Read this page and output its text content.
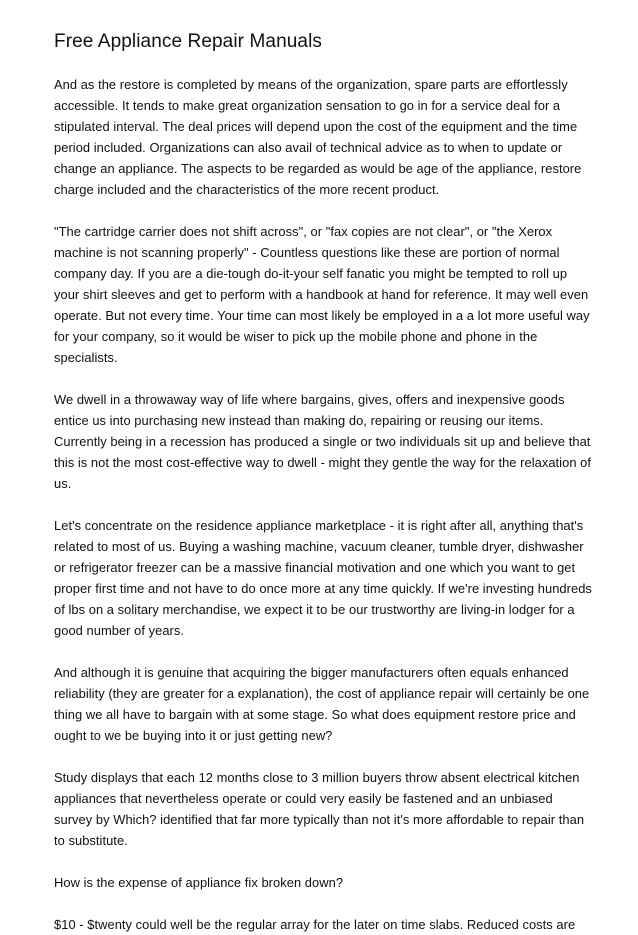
Free Appliance Repair Manuals

And as the restore is completed by means of the organization, spare parts are effortlessly accessible. It tends to make great organization sensation to go in for a service deal for a stipulated interval. The deal prices will depend upon the cost of the equipment and the time period included. Organizations can also avail of technical advice as to when to update or change an appliance. The aspects to be regarded as would be age of the appliance, restore charge included and the characteristics of the more recent product.

"The cartridge carrier does not shift across", or "fax copies are not clear", or "the Xerox machine is not scanning properly" - Countless questions like these are portion of normal company day. If you are a die-tough do-it-your self fanatic you might be tempted to roll up your shirt sleeves and get to perform with a handbook at hand for reference. It may well even operate. But not every time. Your time can most likely be employed in a a lot more useful way for your company, so it would be wiser to pick up the mobile phone and phone in the specialists.

We dwell in a throwaway way of life where bargains, gives, offers and inexpensive goods entice us into purchasing new instead than making do, repairing or reusing our items. Currently being in a recession has produced a single or two individuals sit up and believe that this is not the most cost-effective way to dwell - might they gentle the way for the relaxation of us.

Let's concentrate on the residence appliance marketplace - it is right after all, anything that's related to most of us. Buying a washing machine, vacuum cleaner, tumble dryer, dishwasher or refrigerator freezer can be a massive financial motivation and one which you want to get proper first time and not have to do once more at any time quickly. If we're investing hundreds of lbs on a solitary merchandise, we expect it to be our trustworthy are living-in lodger for a good number of years.

And although it is genuine that acquiring the bigger manufacturers often equals enhanced reliability (they are greater for a explanation), the cost of appliance repair will certainly be one thing we all have to bargain with at some stage. So what does equipment restore price and ought to we be buying into it or just getting new?

Study displays that each 12 months close to 3 million buyers throw absent electrical kitchen appliances that nevertheless operate or could very easily be fastened and an unbiased survey by Which? identified that far more typically than not it's more affordable to repair than to substitute.

How is the expense of appliance fix broken down?

$10 - $twenty could well be the regular array for the later on time slabs. Reduced costs are
